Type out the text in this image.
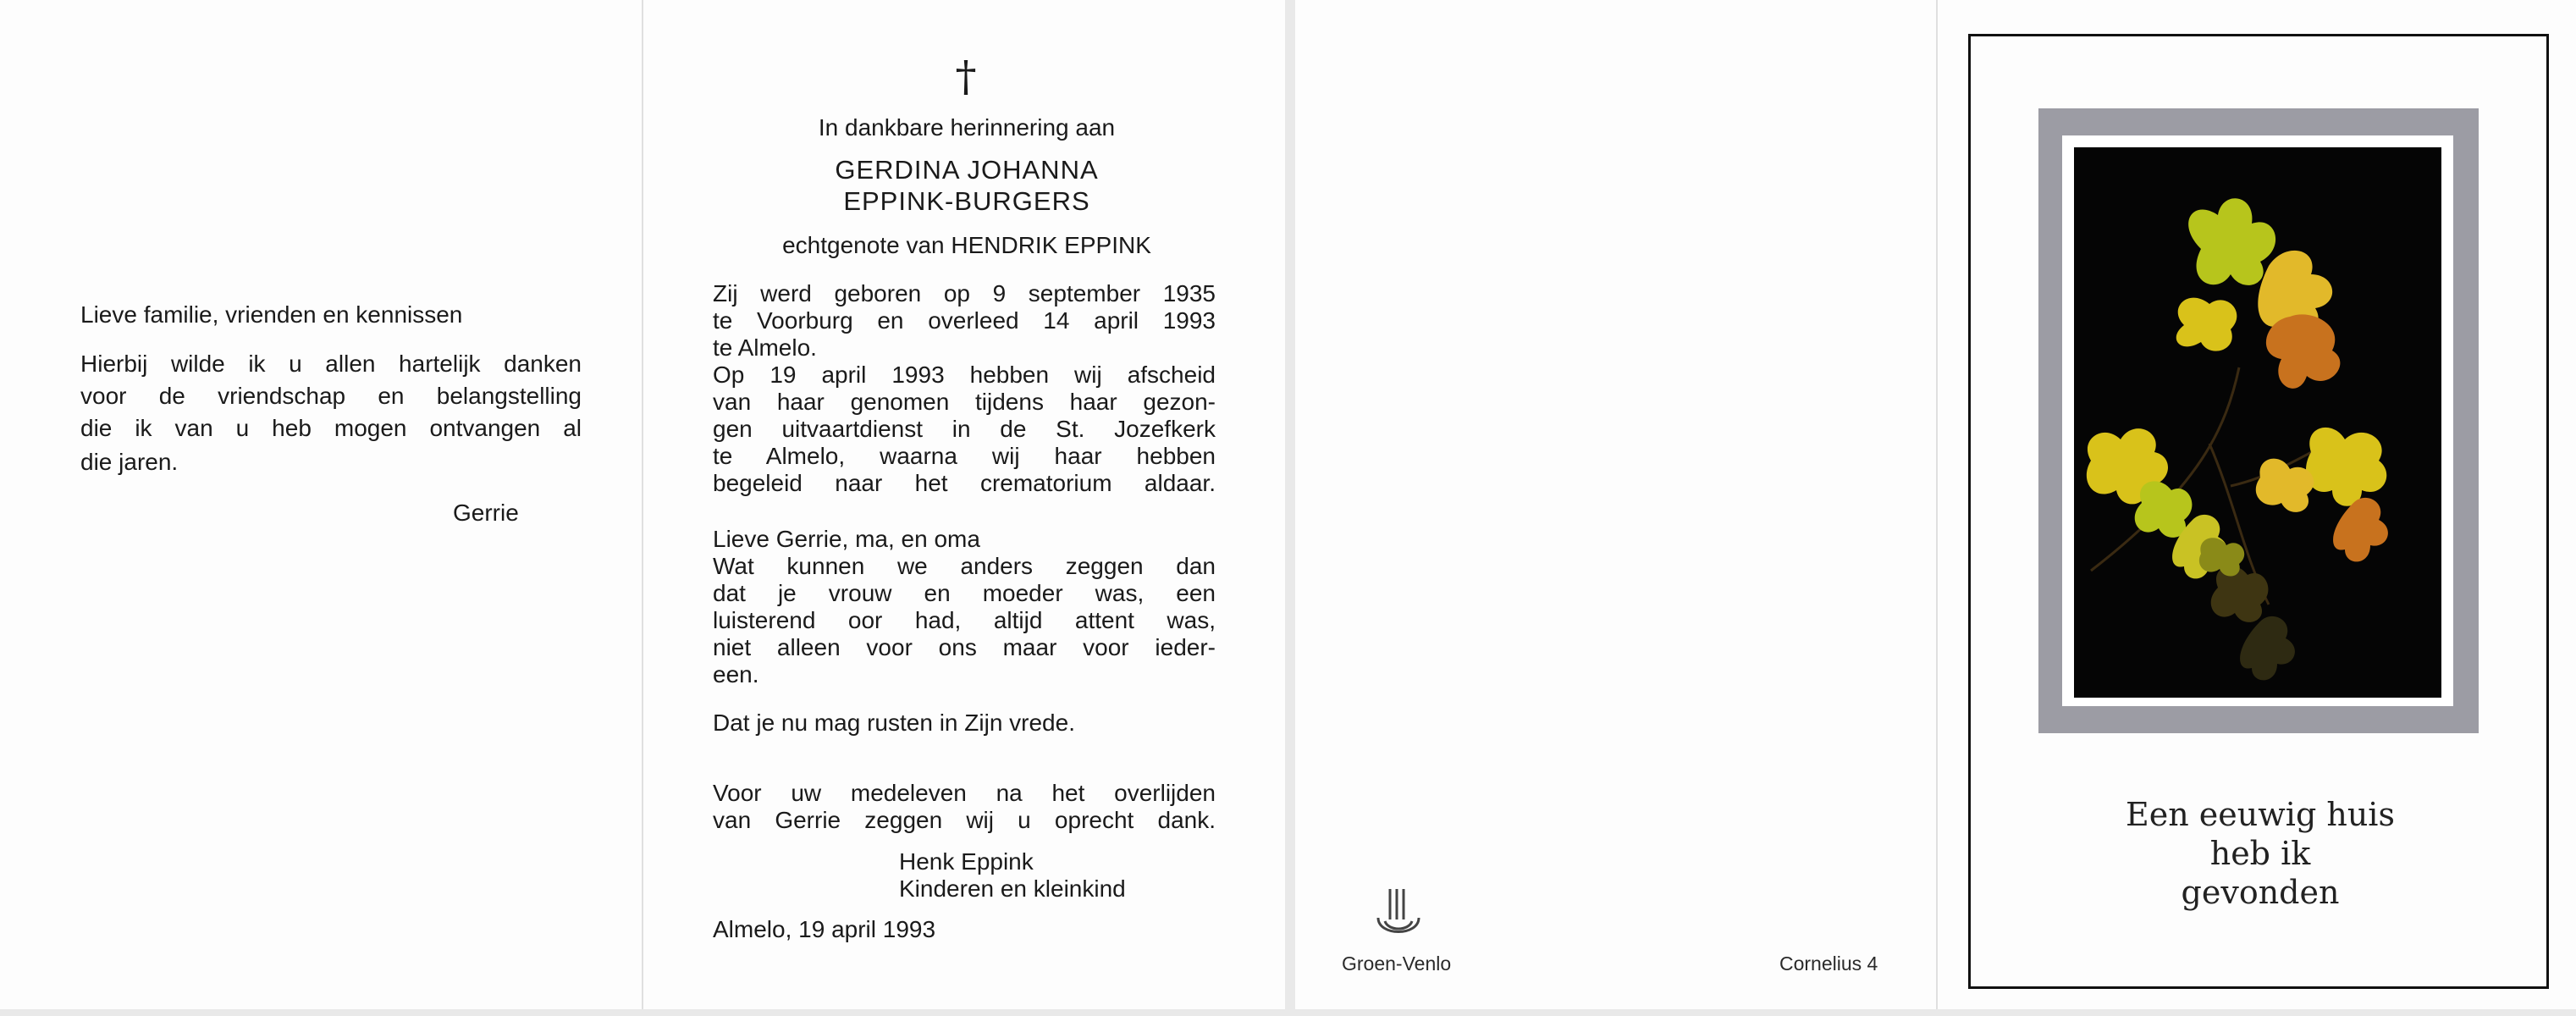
Lieve familie, vrienden en kennissen

Hierbij wilde ik u allen hartelijk danken
voor de vriendschap en belangstelling
die ik van u heb mogen ontvangen al

die jaren.

Gerrie

†

In dankbare herinnering aan

GERDINA JOHANNA

EPPINK-BURGERS

echtgenote van HENDRIK EPPINK

Zij werd geboren op 9 september 1935
te Voorburg en overleed 14 april 1993

te Almelo.

Op 19 april 1993 hebben wij afscheid
van haar genomen tijdens haar gezon-
gen uitvaartdienst in de St. Jozefkerk
te Almelo, waarna wij haar hebben
begeleid naar het crematorium aldaar.

Lieve Gerrie, ma, en oma

Wat kunnen we anders zeggen dan
dat je vrouw en moeder was, een
luisterend oor had, altijd attent was,
niet alleen voor ons maar voor ieder-

een.

Dat je nu mag rusten in Zijn vrede.

Voor uw medeleven na het overlijden
van Gerrie zeggen wij u oprecht dank.

Henk Eppink

Kinderen en kleinkind

Almelo, 19 april 1993

Groen-Venlo	Cornelius 4

Een eeuwig huis
heb ik
gevonden
